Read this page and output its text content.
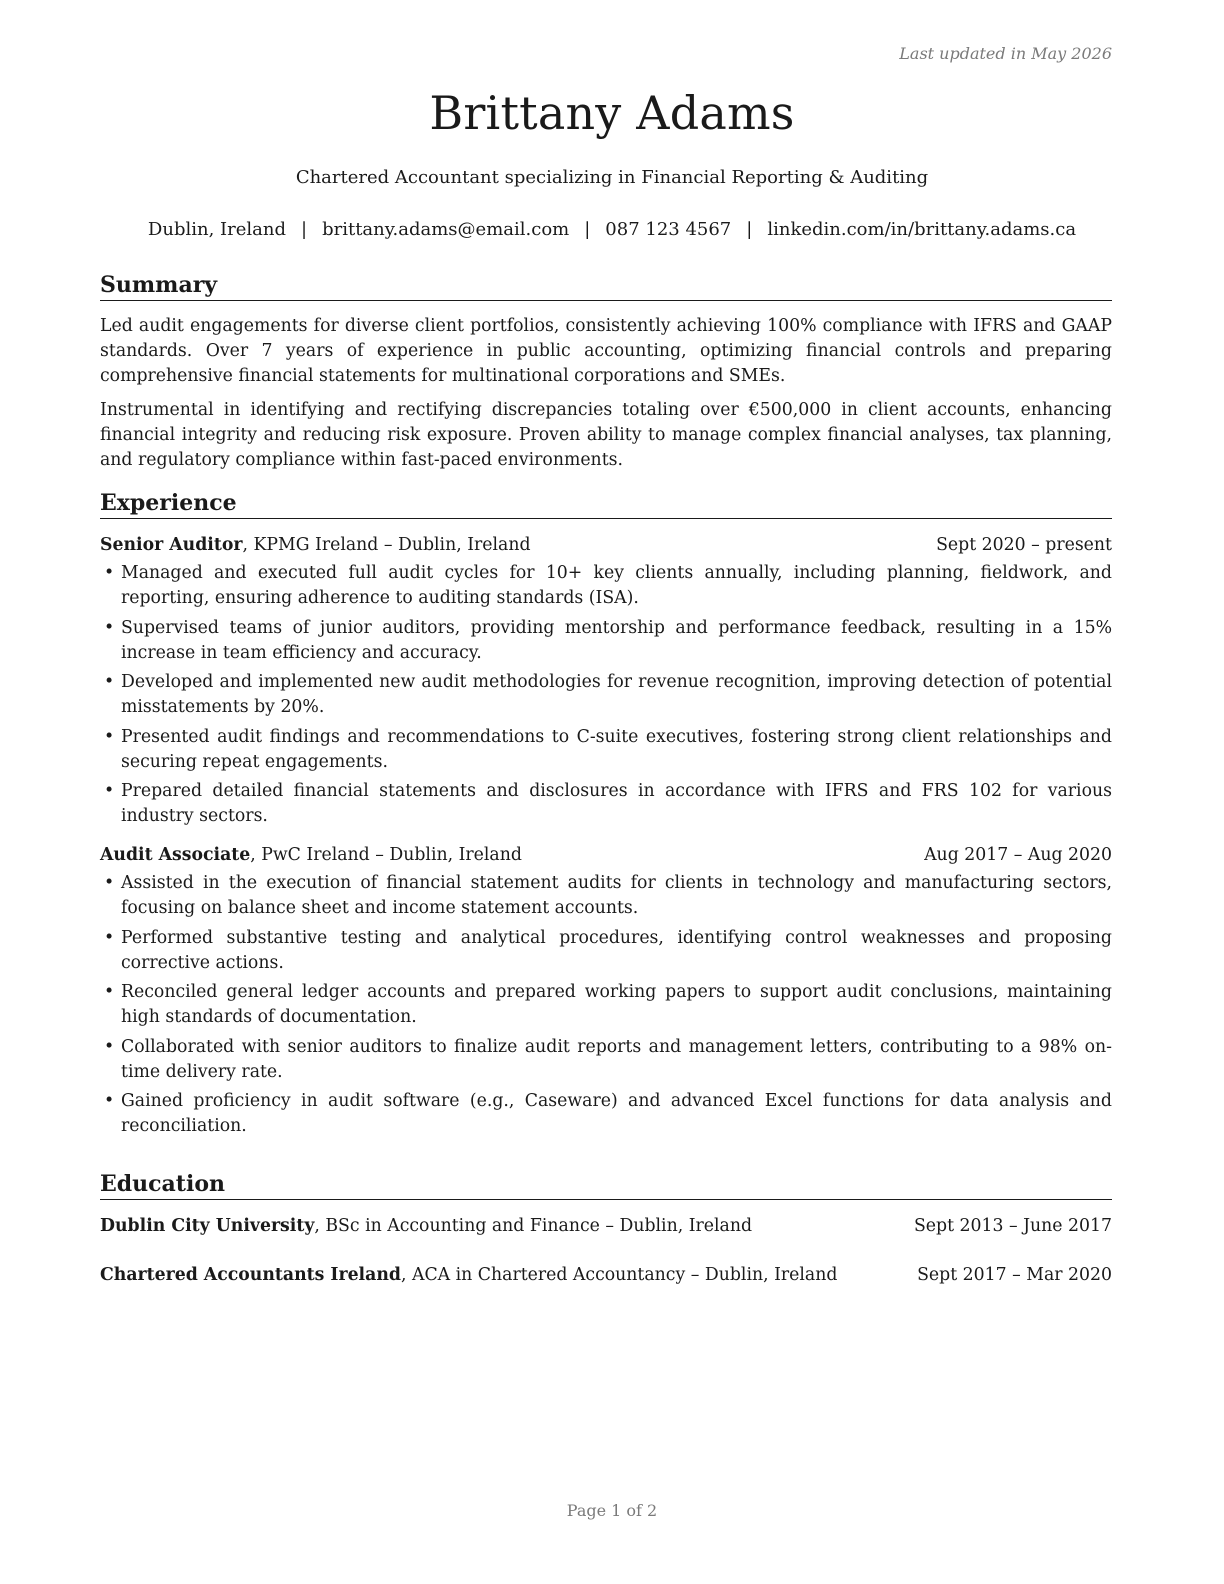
Last updated in May 2026
Brittany Adams
Chartered Accountant specializing in Financial Reporting & Auditing
Dublin, Ireland | brittany.adams@email.com | 087 123 4567 | linkedin.com/in/brittany.adams.ca
Summary

Led audit engagements for diverse client portfolios, consistently achieving 100% compliance with IFRS and GAAP standards. Over 7 years of experience in public accounting, optimizing financial controls and preparing comprehensive financial statements for multinational corporations and SMEs.

Instrumental in identifying and rectifying discrepancies totaling over €500,000 in client accounts, enhancing financial integrity and reducing risk exposure. Proven ability to manage complex financial analyses, tax planning, and regulatory compliance within fast-paced environments.

Experience
Senior Auditor, KPMG Ireland – Dublin, Ireland	Sept 2020 – present
• Managed and executed full audit cycles for 10+ key clients annually, including planning, fieldwork, and reporting, ensuring adherence to auditing standards (ISA).
• Supervised teams of junior auditors, providing mentorship and performance feedback, resulting in a 15% increase in team efficiency and accuracy.
• Developed and implemented new audit methodologies for revenue recognition, improving detection of potential misstatements by 20%.
• Presented audit findings and recommendations to C-suite executives, fostering strong client relationships and securing repeat engagements.
• Prepared detailed financial statements and disclosures in accordance with IFRS and FRS 102 for various industry sectors.
Audit Associate, PwC Ireland – Dublin, Ireland	Aug 2017 – Aug 2020
• Assisted in the execution of financial statement audits for clients in technology and manufacturing sectors, focusing on balance sheet and income statement accounts.
• Performed substantive testing and analytical procedures, identifying control weaknesses and proposing corrective actions.
• Reconciled general ledger accounts and prepared working papers to support audit conclusions, maintaining high standards of documentation.
• Collaborated with senior auditors to finalize audit reports and management letters, contributing to a 98% on-time delivery rate.
• Gained proficiency in audit software (e.g., Caseware) and advanced Excel functions for data analysis and reconciliation.
Education
Dublin City University, BSc in Accounting and Finance – Dublin, Ireland	Sept 2013 – June 2017
Chartered Accountants Ireland, ACA in Chartered Accountancy – Dublin, Ireland	Sept 2017 – Mar 2020
Page 1 of 2
